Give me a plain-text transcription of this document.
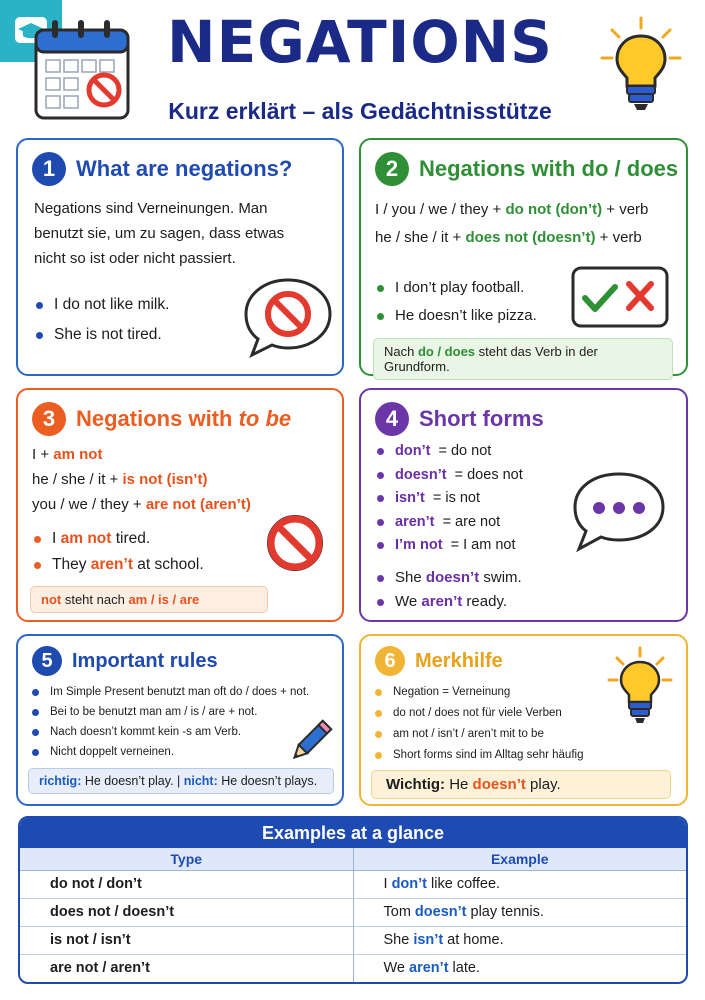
NEGATIONS
Kurz erklärt – als Gedächtnisstütze
1 What are negations?
Negations sind Verneinungen. Man
benutzt sie, um zu sagen, dass etwas
nicht so ist oder nicht passiert.
I do not like milk.
She is not tired.
2 Negations with do / does
I / you / we / they + do not (don’t) + verb
he / she / it + does not (doesn’t) + verb
I don’t play football.
He doesn’t like pizza.
Nach do / does steht das Verb in der Grundform.
3 Negations with to be
I + am not
he / she / it + is not (isn’t)
you / we / they + are not (aren’t)
I am not tired.
They aren’t at school.
not steht nach am / is / are
4 Short forms
don’t = do not
doesn’t = does not
isn’t = is not
aren’t = are not
I’m not = I am not
She doesn’t swim.
We aren’t ready.
5 Important rules
Im Simple Present benutzt man oft do / does + not.
Bei to be benutzt man am / is / are + not.
Nach doesn’t kommt kein -s am Verb.
Nicht doppelt verneinen.
richtig: He doesn’t play. | nicht: He doesn’t plays.
6 Merkhilfe
Negation = Verneinung
do not / does not für viele Verben
am not / isn’t / aren’t mit to be
Short forms sind im Alltag sehr häufig
Wichtig: He doesn’t play.
Examples at a glance
Type	Example
do not / don’t	I don’t like coffee.
does not / doesn’t	Tom doesn’t play tennis.
is not / isn’t	She isn’t at home.
are not / aren’t	We aren’t late.
